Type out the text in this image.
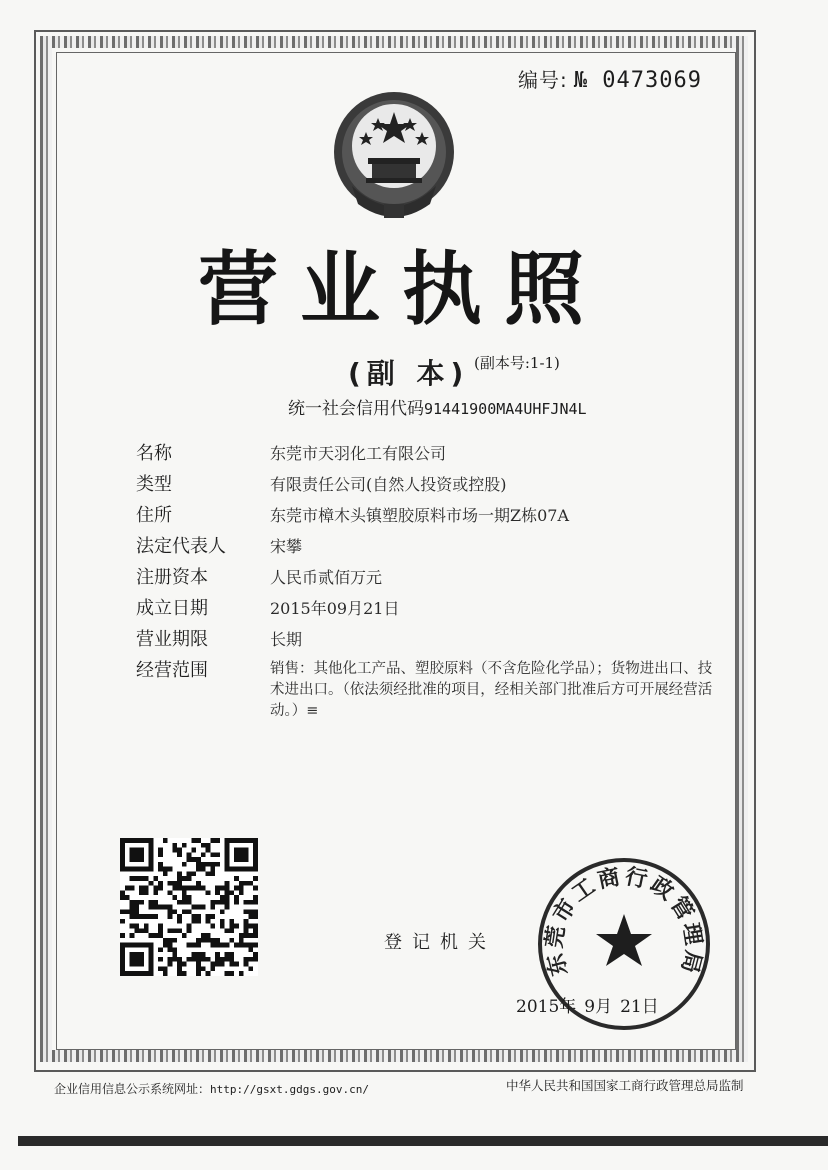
编号: № 0473069
营业执照
(副 本) (副本号:1-1)
统一社会信用代码91441900MA4UHFJN4L
名称	东莞市天羽化工有限公司
类型	有限责任公司(自然人投资或控股)
住所	东莞市樟木头镇塑胶原料市场一期Z栋07A
法定代表人	宋攀
注册资本	人民币贰佰万元
成立日期	2015年09月21日
营业期限	长期
经营范围	销售：其他化工产品、塑胶原料（不含危险化学品）；货物进出口、技术进出口。（依法须经批准的项目，经相关部门批准后方可开展经营活动。）≡
登记机关
东莞市工商行政管理局
2015年 9月 21日
企业信用信息公示系统网址：http://gsxt.gdgs.gov.cn/	中华人民共和国国家工商行政管理总局监制
